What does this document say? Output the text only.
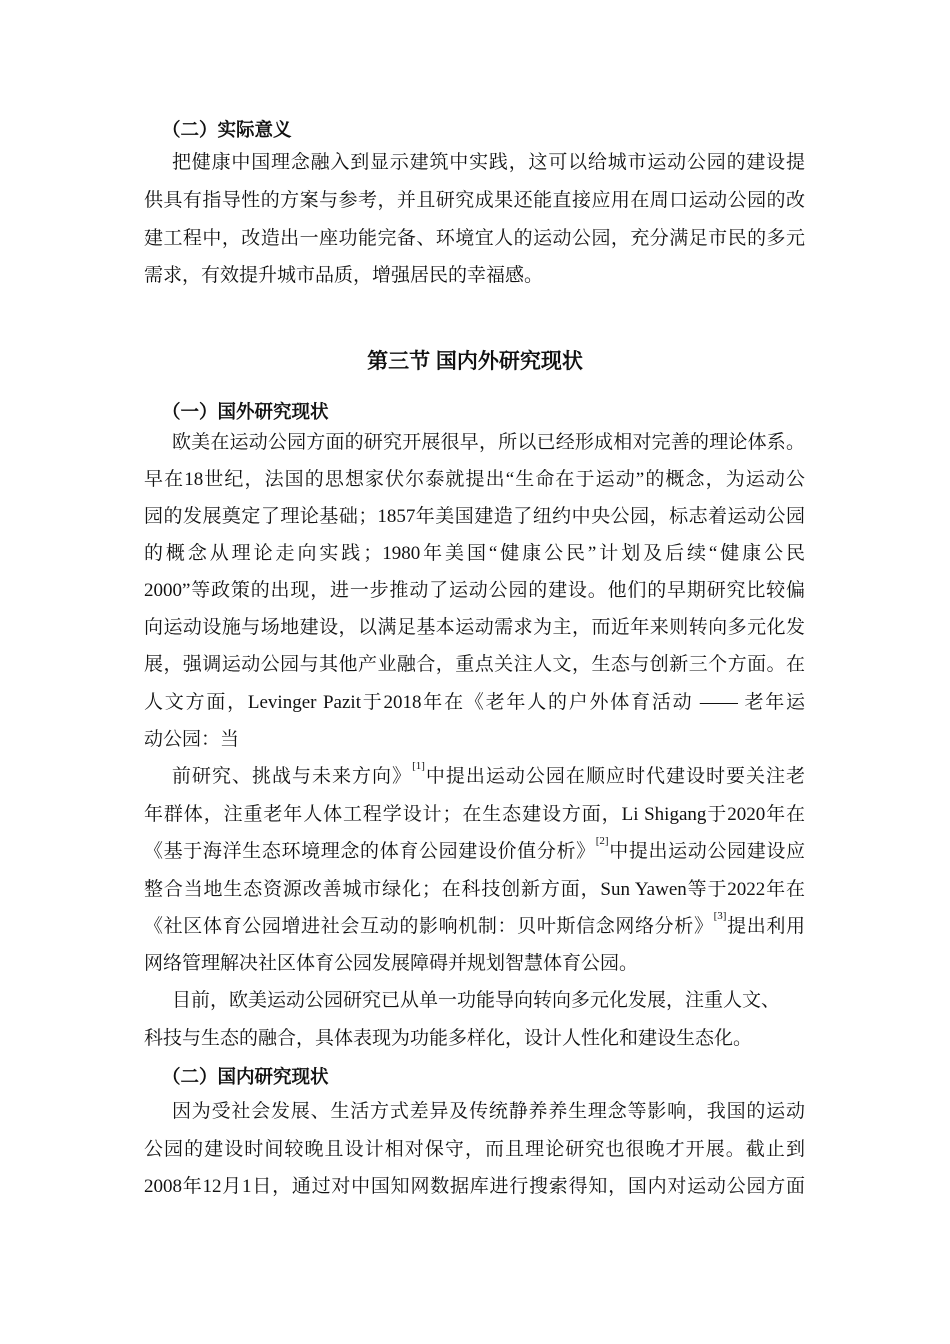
（二）实际意义
把健康中国理念融入到显示建筑中实践，这可以给城市运动公园的建设提
供具有指导性的方案与参考，并且研究成果还能直接应用在周口运动公园的改
建工程中，改造出一座功能完备、环境宜人的运动公园，充分满足市民的多元
需求，有效提升城市品质，增强居民的幸福感。
第三节 国内外研究现状
（一）国外研究现状
欧美在运动公园方面的研究开展很早，所以已经形成相对完善的理论体系。
早在18世纪，法国的思想家伏尔泰就提出“生命在于运动”的概念，为运动公
园的发展奠定了理论基础；1857年美国建造了纽约中央公园，标志着运动公园
的概念从理论走向实践；1980年美国“健康公民”计划及后续“健康公民
2000”等政策的出现，进一步推动了运动公园的建设。他们的早期研究比较偏
向运动设施与场地建设，以满足基本运动需求为主，而近年来则转向多元化发
展，强调运动公园与其他产业融合，重点关注人文，生态与创新三个方面。在
人文方面，Levinger Pazit于2018年在《老年人的户外体育活动 —— 老年运
动公园：当
前研究、挑战与未来方向》[1]中提出运动公园在顺应时代建设时要关注老
年群体，注重老年人体工程学设计；在生态建设方面，Li Shigang于2020年在
《基于海洋生态环境理念的体育公园建设价值分析》[2]中提出运动公园建设应
整合当地生态资源改善城市绿化；在科技创新方面，Sun Yawen等于2022年在
《社区体育公园增进社会互动的影响机制：贝叶斯信念网络分析》[3]提出利用
网络管理解决社区体育公园发展障碍并规划智慧体育公园。
目前，欧美运动公园研究已从单一功能导向转向多元化发展，注重人文、
科技与生态的融合，具体表现为功能多样化，设计人性化和建设生态化。
（二）国内研究现状
因为受社会发展、生活方式差异及传统静养养生理念等影响，我国的运动
公园的建设时间较晚且设计相对保守，而且理论研究也很晚才开展。截止到
2008年12月1日，通过对中国知网数据库进行搜索得知，国内对运动公园方面
